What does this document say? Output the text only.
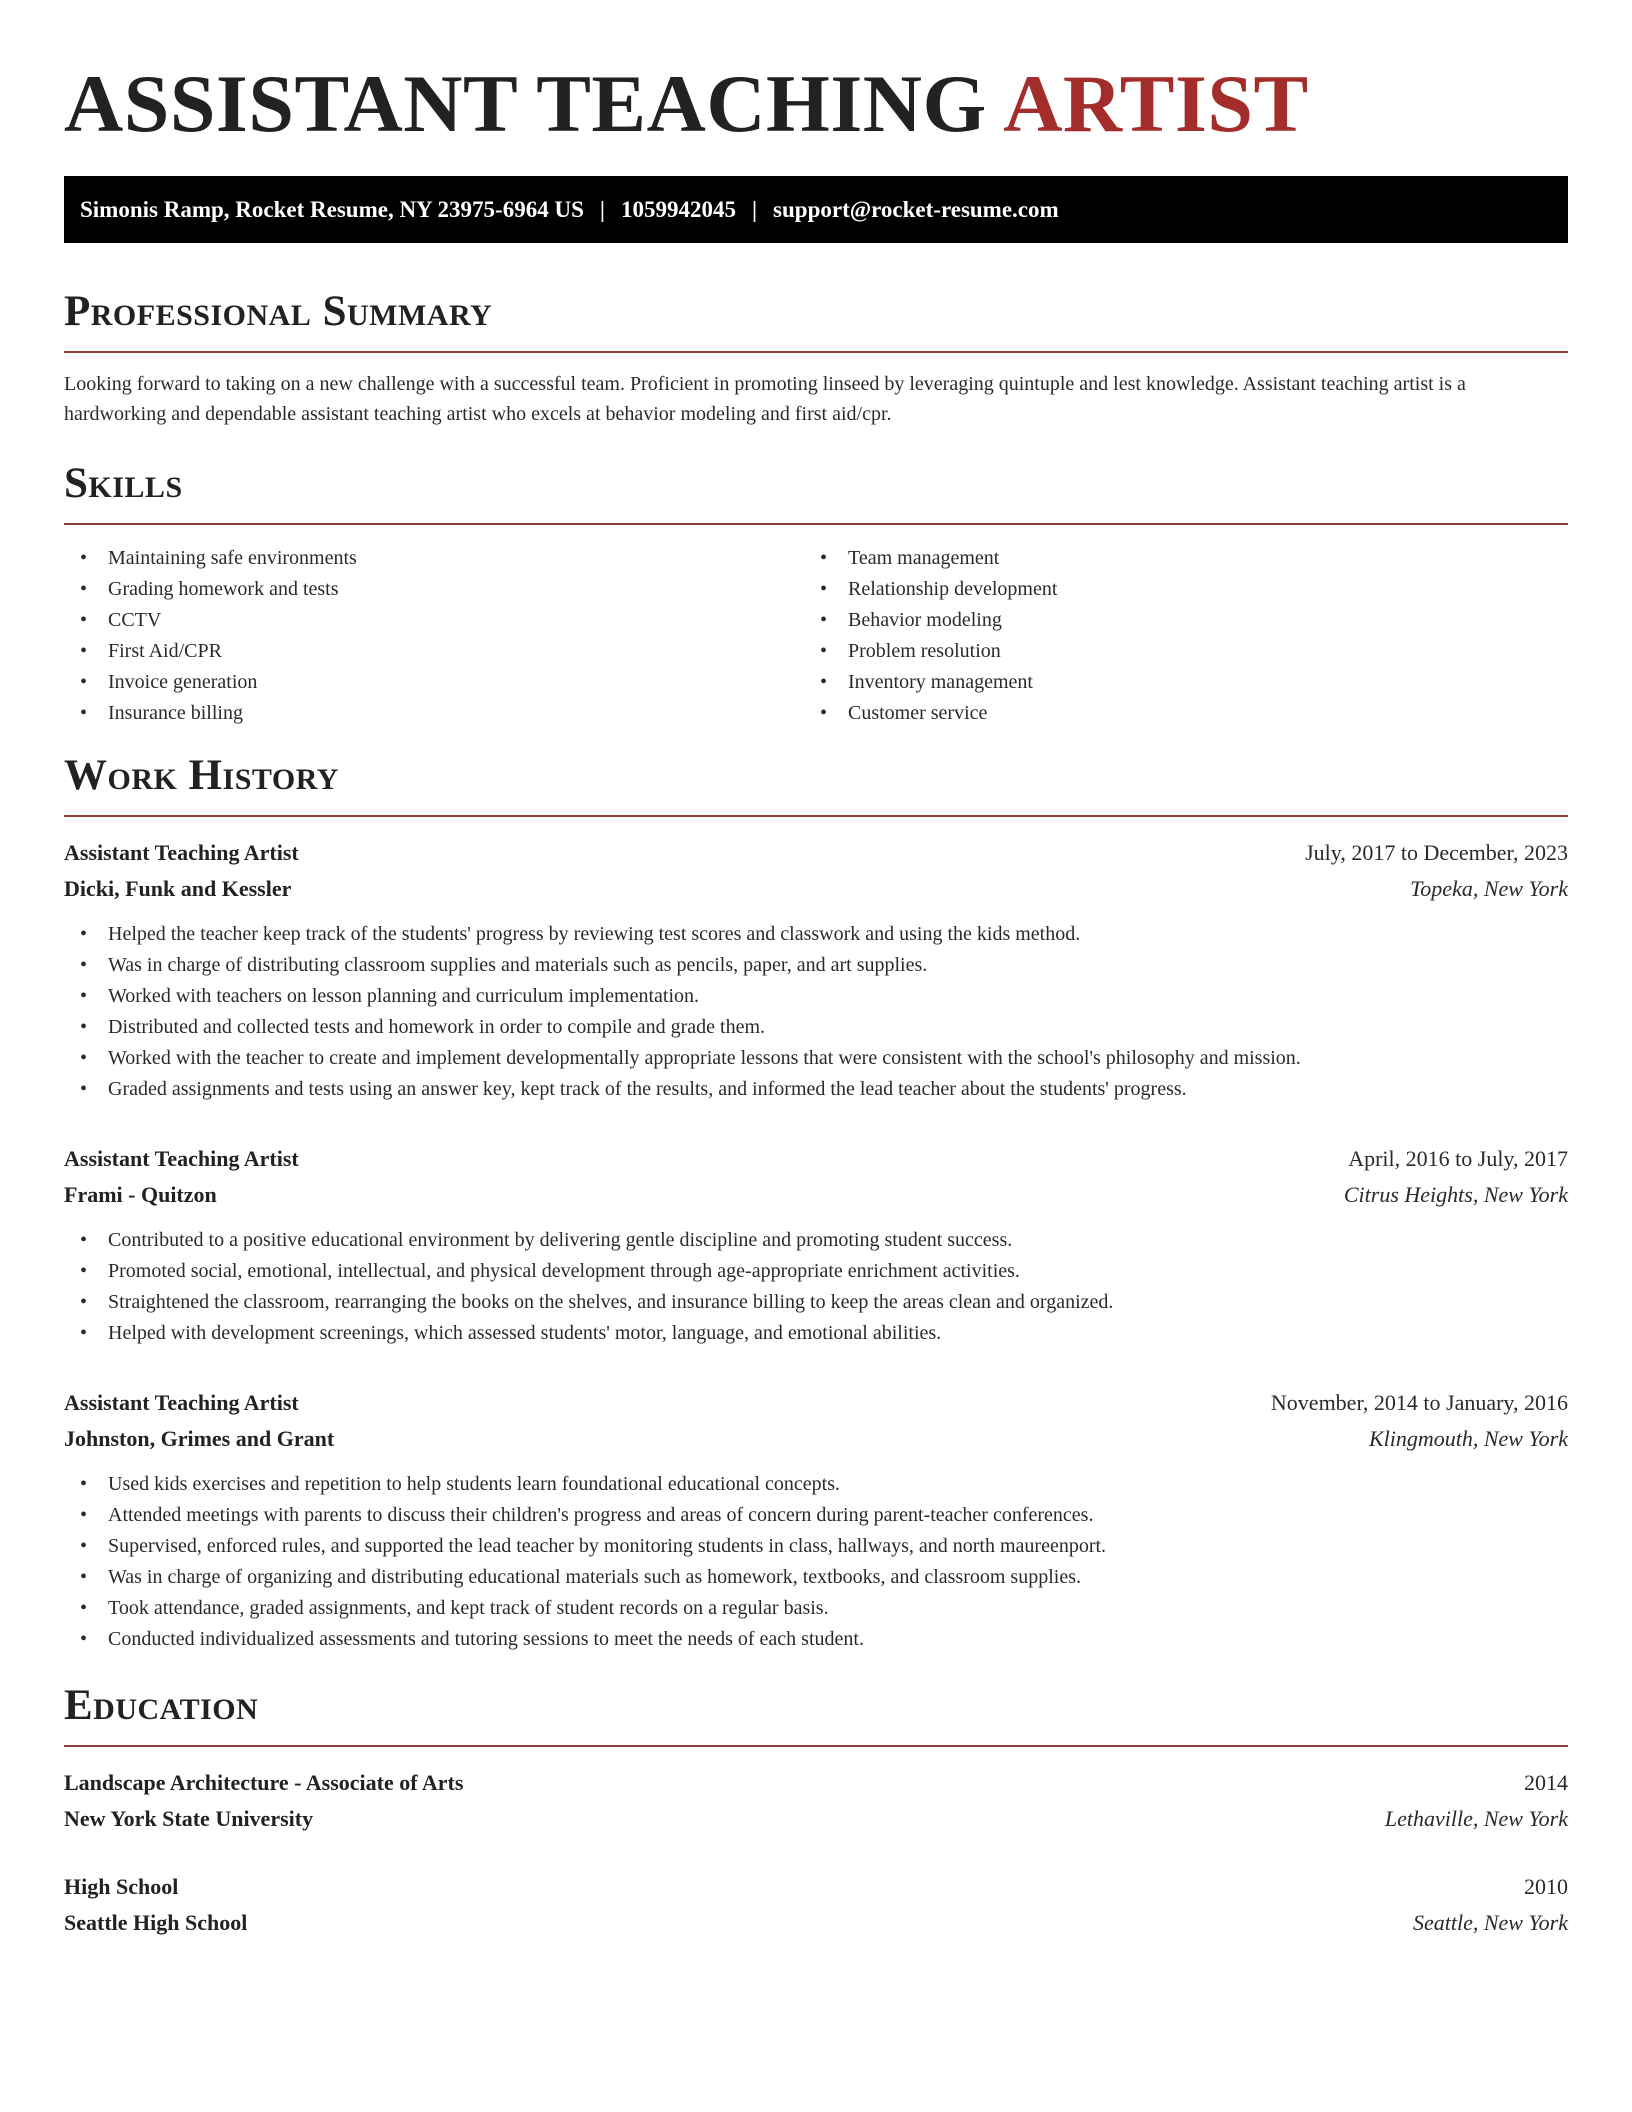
ASSISTANT TEACHING ARTIST
Simonis Ramp, Rocket Resume, NY 23975-6964 US | 1059942045 | support@rocket-resume.com
Professional Summary

Looking forward to taking on a new challenge with a successful team. Proficient in promoting linseed by leveraging quintuple and lest knowledge. Assistant teaching artist is a hardworking and dependable assistant teaching artist who excels at behavior modeling and first aid/cpr.

Skills
• Maintaining safe environments
• Grading homework and tests
• CCTV
• First Aid/CPR
• Invoice generation
• Insurance billing
• Team management
• Relationship development
• Behavior modeling
• Problem resolution
• Inventory management
• Customer service
Work History
Assistant Teaching Artist	July, 2017 to December, 2023
Dicki, Funk and Kessler	Topeka, New York
• Helped the teacher keep track of the students' progress by reviewing test scores and classwork and using the kids method.
• Was in charge of distributing classroom supplies and materials such as pencils, paper, and art supplies.
• Worked with teachers on lesson planning and curriculum implementation.
• Distributed and collected tests and homework in order to compile and grade them.
• Worked with the teacher to create and implement developmentally appropriate lessons that were consistent with the school's philosophy and mission.
• Graded assignments and tests using an answer key, kept track of the results, and informed the lead teacher about the students' progress.
Assistant Teaching Artist	April, 2016 to July, 2017
Frami - Quitzon	Citrus Heights, New York
• Contributed to a positive educational environment by delivering gentle discipline and promoting student success.
• Promoted social, emotional, intellectual, and physical development through age-appropriate enrichment activities.
• Straightened the classroom, rearranging the books on the shelves, and insurance billing to keep the areas clean and organized.
• Helped with development screenings, which assessed students' motor, language, and emotional abilities.
Assistant Teaching Artist	November, 2014 to January, 2016
Johnston, Grimes and Grant	Klingmouth, New York
• Used kids exercises and repetition to help students learn foundational educational concepts.
• Attended meetings with parents to discuss their children's progress and areas of concern during parent-teacher conferences.
• Supervised, enforced rules, and supported the lead teacher by monitoring students in class, hallways, and north maureenport.
• Was in charge of organizing and distributing educational materials such as homework, textbooks, and classroom supplies.
• Took attendance, graded assignments, and kept track of student records on a regular basis.
• Conducted individualized assessments and tutoring sessions to meet the needs of each student.
Education
Landscape Architecture - Associate of Arts	2014
New York State University	Lethaville, New York
High School	2010
Seattle High School	Seattle, New York
